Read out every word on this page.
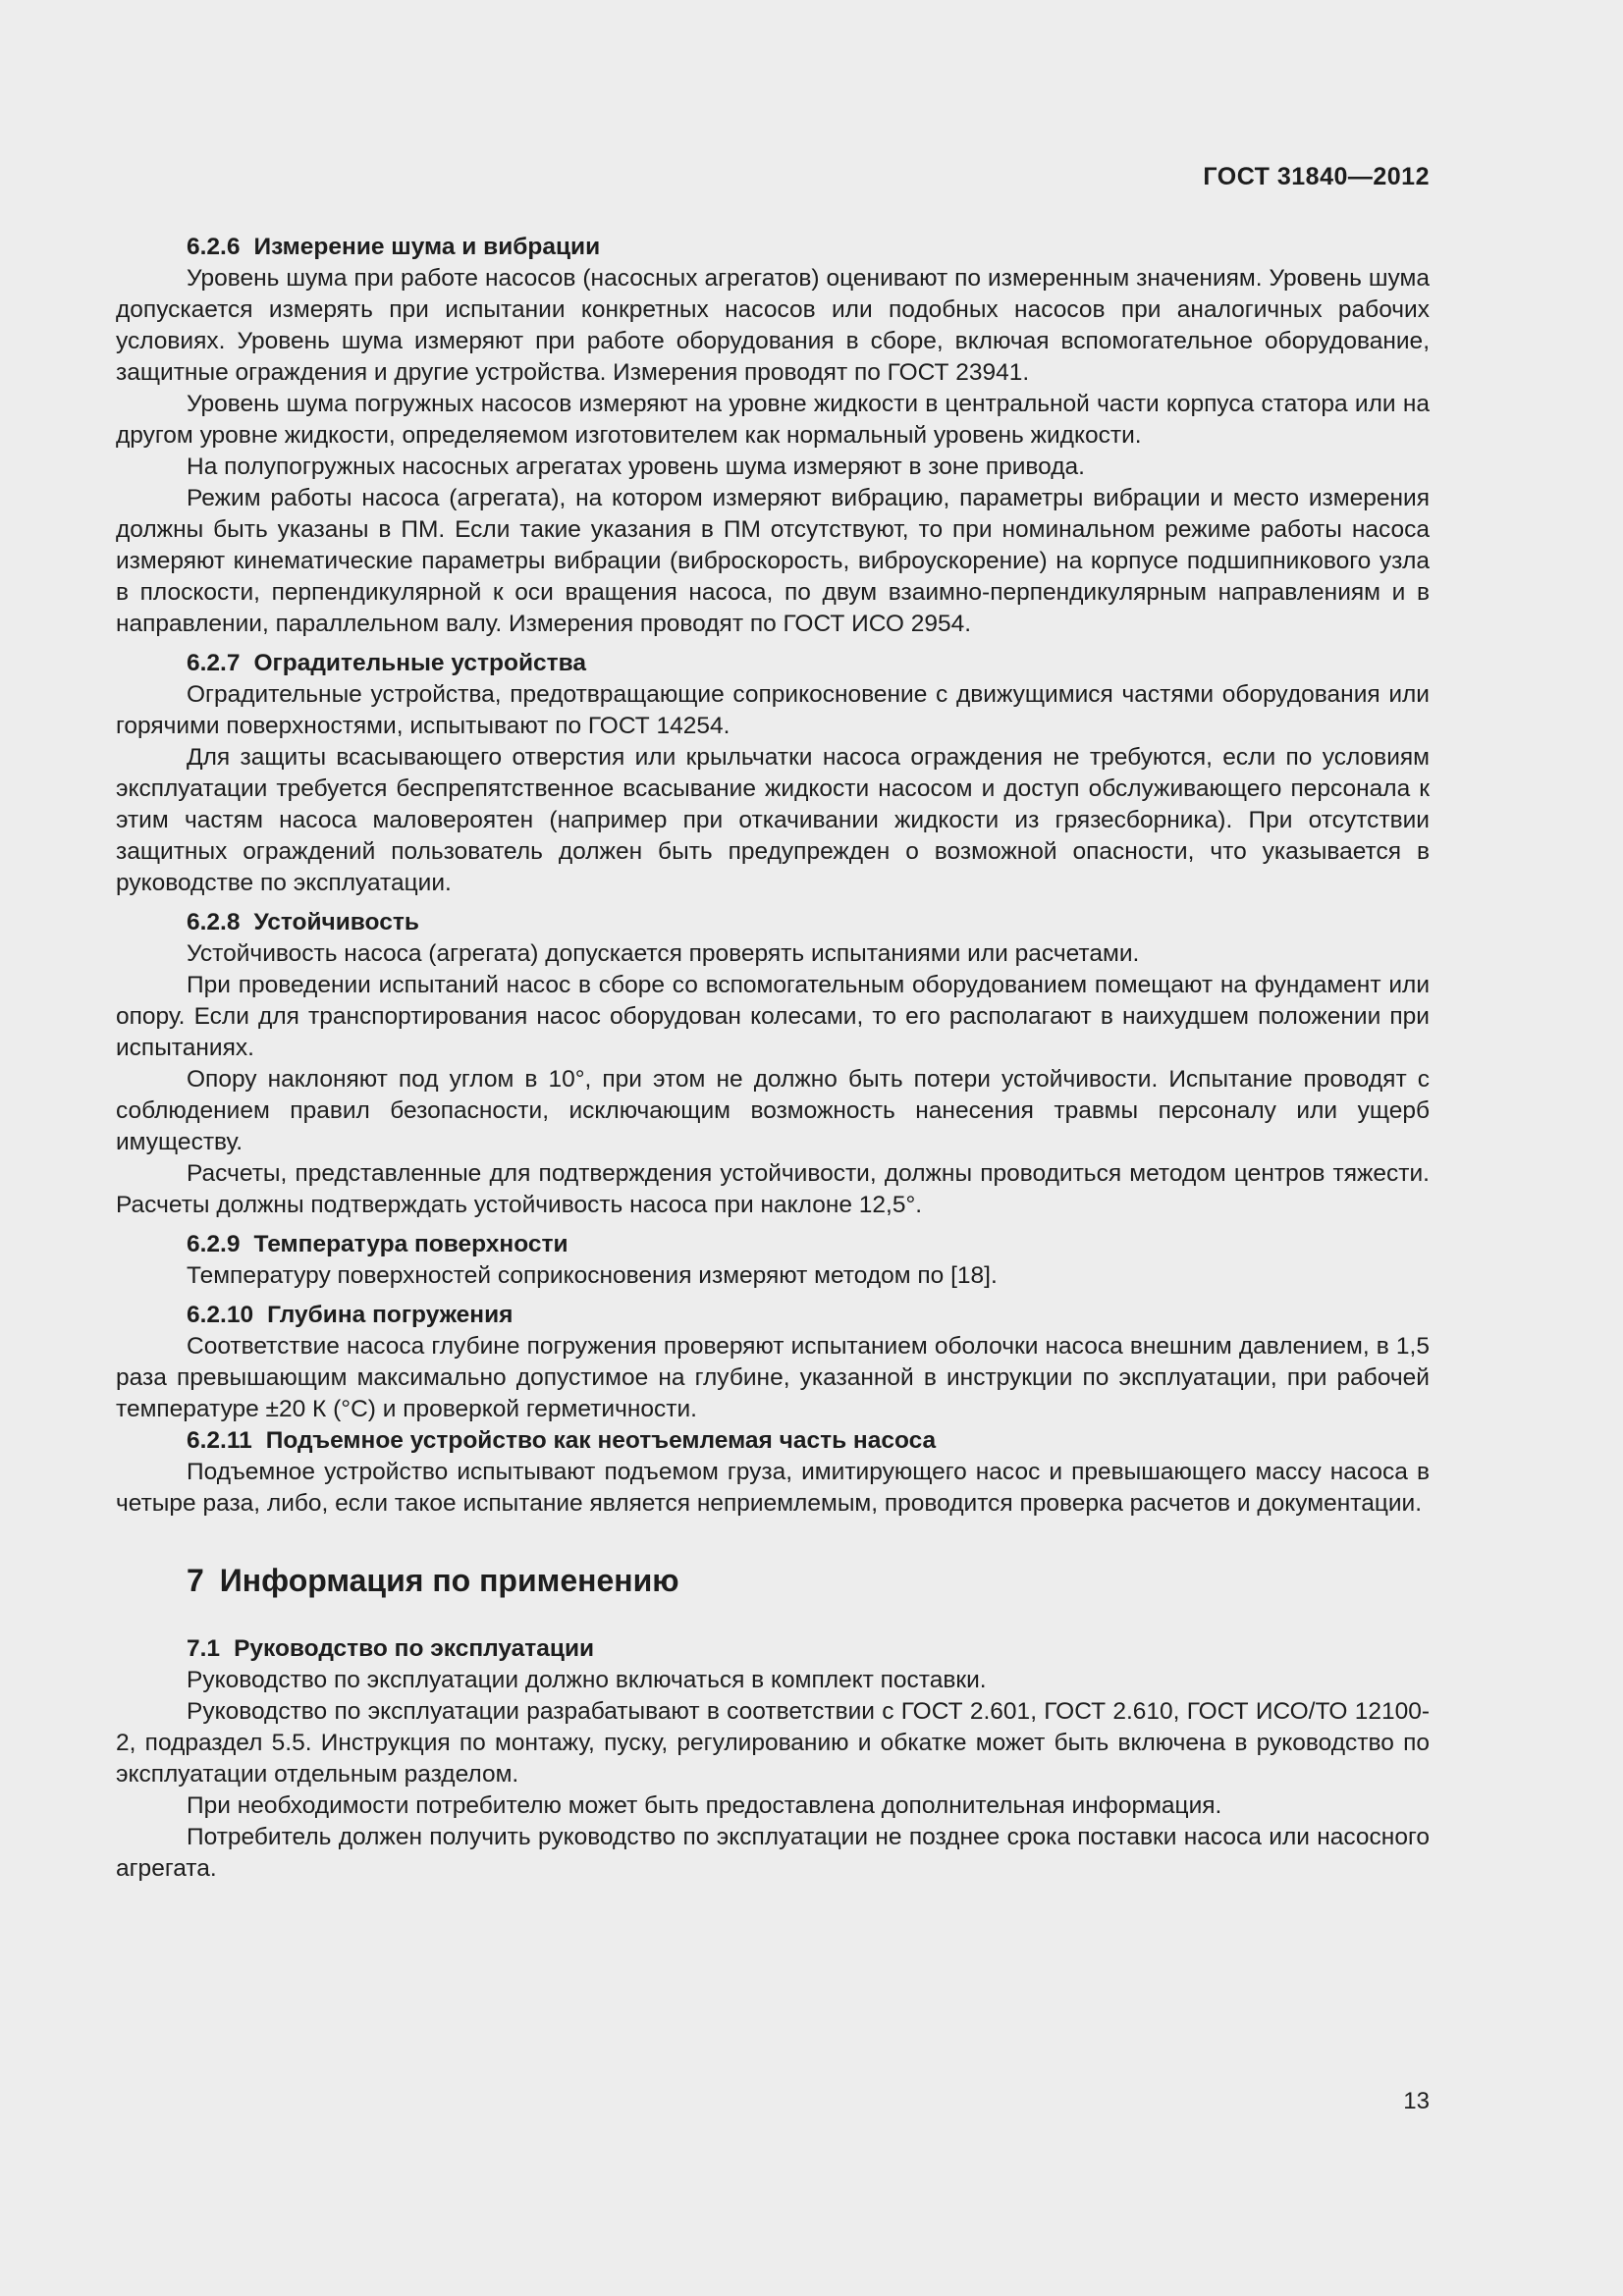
ГОСТ 31840—2012
6.2.6 Измерение шума и вибрации

Уровень шума при работе насосов (насосных агрегатов) оценивают по измеренным значениям. Уровень шума допускается измерять при испытании конкретных насосов или подобных насосов при аналогичных рабочих условиях. Уровень шума измеряют при работе оборудования в сборе, включая вспомогательное оборудование, защитные ограждения и другие устройства. Измерения проводят по ГОСТ 23941.

Уровень шума погружных насосов измеряют на уровне жидкости в центральной части корпуса статора или на другом уровне жидкости, определяемом изготовителем как нормальный уровень жидкости.

На полупогружных насосных агрегатах уровень шума измеряют в зоне привода.

Режим работы насоса (агрегата), на котором измеряют вибрацию, параметры вибрации и место измерения должны быть указаны в ПМ. Если такие указания в ПМ отсутствуют, то при номинальном режиме работы насоса измеряют кинематические параметры вибрации (виброскорость, виброускорение) на корпусе подшипникового узла в плоскости, перпендикулярной к оси вращения насоса, по двум взаимно-перпендикулярным направлениям и в направлении, параллельном валу. Измерения проводят по ГОСТ ИСО 2954.

6.2.7 Оградительные устройства

Оградительные устройства, предотвращающие соприкосновение с движущимися частями оборудования или горячими поверхностями, испытывают по ГОСТ 14254.

Для защиты всасывающего отверстия или крыльчатки насоса ограждения не требуются, если по условиям эксплуатации требуется беспрепятственное всасывание жидкости насосом и доступ обслуживающего персонала к этим частям насоса маловероятен (например при откачивании жидкости из грязесборника). При отсутствии защитных ограждений пользователь должен быть предупрежден о возможной опасности, что указывается в руководстве по эксплуатации.

6.2.8 Устойчивость

Устойчивость насоса (агрегата) допускается проверять испытаниями или расчетами.

При проведении испытаний насос в сборе со вспомогательным оборудованием помещают на фундамент или опору. Если для транспортирования насос оборудован колесами, то его располагают в наихудшем положении при испытаниях.

Опору наклоняют под углом в 10°, при этом не должно быть потери устойчивости. Испытание проводят с соблюдением правил безопасности, исключающим возможность нанесения травмы персоналу или ущерб имуществу.

Расчеты, представленные для подтверждения устойчивости, должны проводиться методом центров тяжести. Расчеты должны подтверждать устойчивость насоса при наклоне 12,5°.

6.2.9 Температура поверхности

Температуру поверхностей соприкосновения измеряют методом по [18].

6.2.10 Глубина погружения

Соответствие насоса глубине погружения проверяют испытанием оболочки насоса внешним давлением, в 1,5 раза превышающим максимально допустимое на глубине, указанной в инструкции по эксплуатации, при рабочей температуре ±20 К (°С) и проверкой герметичности.

6.2.11 Подъемное устройство как неотъемлемая часть насоса

Подъемное устройство испытывают подъемом груза, имитирующего насос и превышающего массу насоса в четыре раза, либо, если такое испытание является неприемлемым, проводится проверка расчетов и документации.

7 Информация по применению
7.1 Руководство по эксплуатации

Руководство по эксплуатации должно включаться в комплект поставки.

Руководство по эксплуатации разрабатывают в соответствии с ГОСТ 2.601, ГОСТ 2.610, ГОСТ ИСО/ТО 12100-2, подраздел 5.5. Инструкция по монтажу, пуску, регулированию и обкатке может быть включена в руководство по эксплуатации отдельным разделом.

При необходимости потребителю может быть предоставлена дополнительная информация.

Потребитель должен получить руководство по эксплуатации не позднее срока поставки насоса или насосного агрегата.

13
